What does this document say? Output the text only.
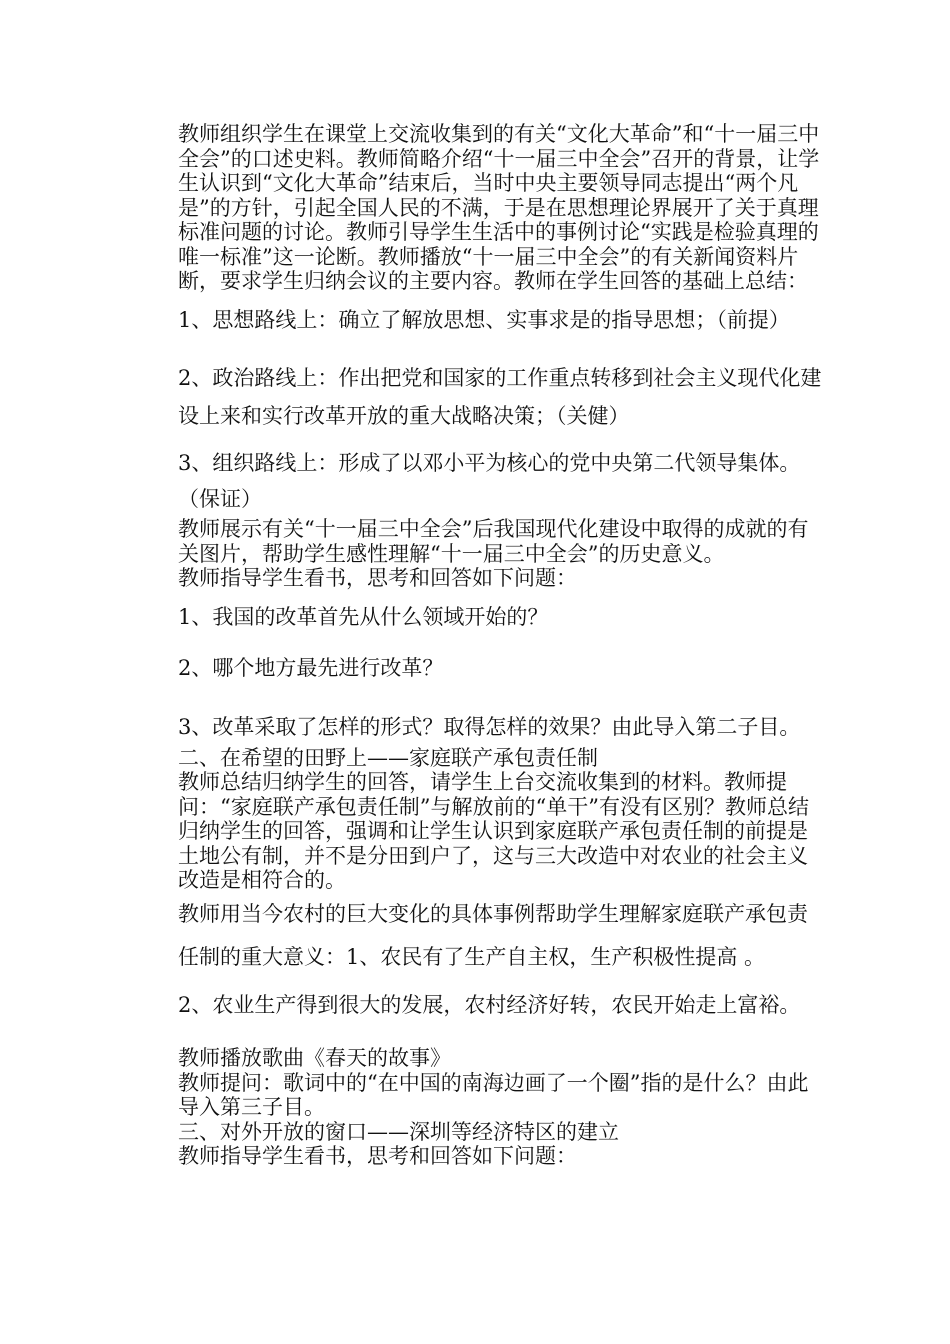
教师组织学生在课堂上交流收集到的有关“文化大革命”和“十一届三中全会”的口述史料。教师简略介绍“十一届三中全会”召开的背景，让学生认识到“文化大革命”结束后，当时中央主要领导同志提出“两个凡是”的方针，引起全国人民的不满，于是在思想理论界展开了关于真理标准问题的讨论。教师引导学生生活中的事例讨论“实践是检验真理的唯一标准”这一论断。教师播放“十一届三中全会”的有关新闻资料片断，要求学生归纳会议的主要内容。教师在学生回答的基础上总结：

1、思想路线上：确立了解放思想、实事求是的指导思想；（前提）

2、政治路线上：作出把党和国家的工作重点转移到社会主义现代化建设上来和实行改革开放的重大战略决策；（关健）

3、组织路线上：形成了以邓小平为核心的党中央第二代领导集体。（保证）

教师展示有关“十一届三中全会”后我国现代化建设中取得的成就的有关图片，帮助学生感性理解“十一届三中全会”的历史意义。

教师指导学生看书，思考和回答如下问题：

1、我国的改革首先从什么领域开始的？

2、哪个地方最先进行改革？

3、改革采取了怎样的形式？取得怎样的效果？由此导入第二子目。

二、在希望的田野上——家庭联产承包责任制

教师总结归纳学生的回答，请学生上台交流收集到的材料。教师提问：“家庭联产承包责任制”与解放前的“单干”有没有区别？教师总结归纳学生的回答，强调和让学生认识到家庭联产承包责任制的前提是土地公有制，并不是分田到户了，这与三大改造中对农业的社会主义改造是相符合的。

教师用当今农村的巨大变化的具体事例帮助学生理解家庭联产承包责任制的重大意义：1、农民有了生产自主权，生产积极性提高 。

2、农业生产得到很大的发展，农村经济好转，农民开始走上富裕。

教师播放歌曲《春天的故事》

教师提问：歌词中的“在中国的南海边画了一个圈”指的是什么？由此导入第三子目。

三、对外开放的窗口——深圳等经济特区的建立

教师指导学生看书，思考和回答如下问题：
